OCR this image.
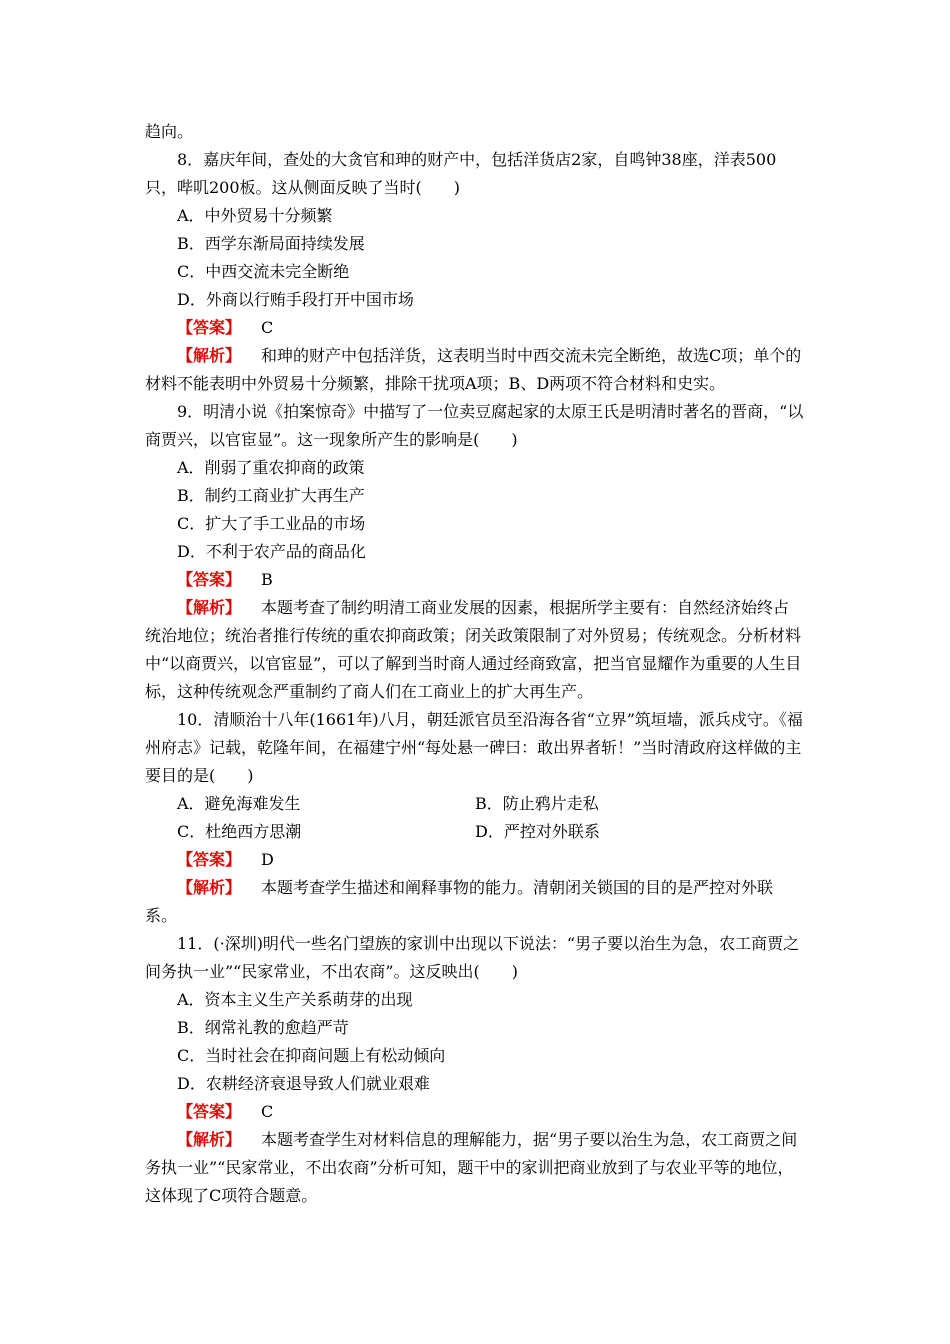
趋向。

8．嘉庆年间，查处的大贪官和珅的财产中，包括洋货店2家，自鸣钟38座，洋表500只，哔叽200板。这从侧面反映了当时(　　)

A．中外贸易十分频繁

B．西学东渐局面持续发展

C．中西交流未完全断绝

D．外商以行贿手段打开中国市场

【答案】 C

【解析】 和珅的财产中包括洋货，这表明当时中西交流未完全断绝，故选C项；单个的材料不能表明中外贸易十分频繁，排除干扰项A项；B、D两项不符合材料和史实。

9．明清小说《拍案惊奇》中描写了一位卖豆腐起家的太原王氏是明清时著名的晋商，“以商贾兴，以官宦显”。这一现象所产生的影响是(　　)

A．削弱了重农抑商的政策

B．制约工商业扩大再生产

C．扩大了手工业品的市场

D．不利于农产品的商品化

【答案】 B

【解析】 本题考查了制约明清工商业发展的因素，根据所学主要有：自然经济始终占统治地位；统治者推行传统的重农抑商政策；闭关政策限制了对外贸易；传统观念。分析材料中“以商贾兴，以官宦显”，可以了解到当时商人通过经商致富，把当官显耀作为重要的人生目标，这种传统观念严重制约了商人们在工商业上的扩大再生产。

10．清顺治十八年(1661年)八月，朝廷派官员至沿海各省“立界”筑垣墙，派兵戍守。《福州府志》记载，乾隆年间，在福建宁州“每处悬一碑曰：敢出界者斩！”当时清政府这样做的主要目的是(　　)

A．避免海难发生	B．防止鸦片走私
C．杜绝西方思潮	D．严控对外联系

【答案】 D

【解析】 本题考查学生描述和阐释事物的能力。清朝闭关锁国的目的是严控对外联系。

11．(·深圳)明代一些名门望族的家训中出现以下说法：“男子要以治生为急，农工商贾之间务执一业”“民家常业，不出农商”。这反映出(　　)

A．资本主义生产关系萌芽的出现

B．纲常礼教的愈趋严苛

C．当时社会在抑商问题上有松动倾向

D．农耕经济衰退导致人们就业艰难

【答案】 C

【解析】 本题考查学生对材料信息的理解能力，据“男子要以治生为急，农工商贾之间务执一业”“民家常业，不出农商”分析可知，题干中的家训把商业放到了与农业平等的地位，这体现了C项符合题意。
